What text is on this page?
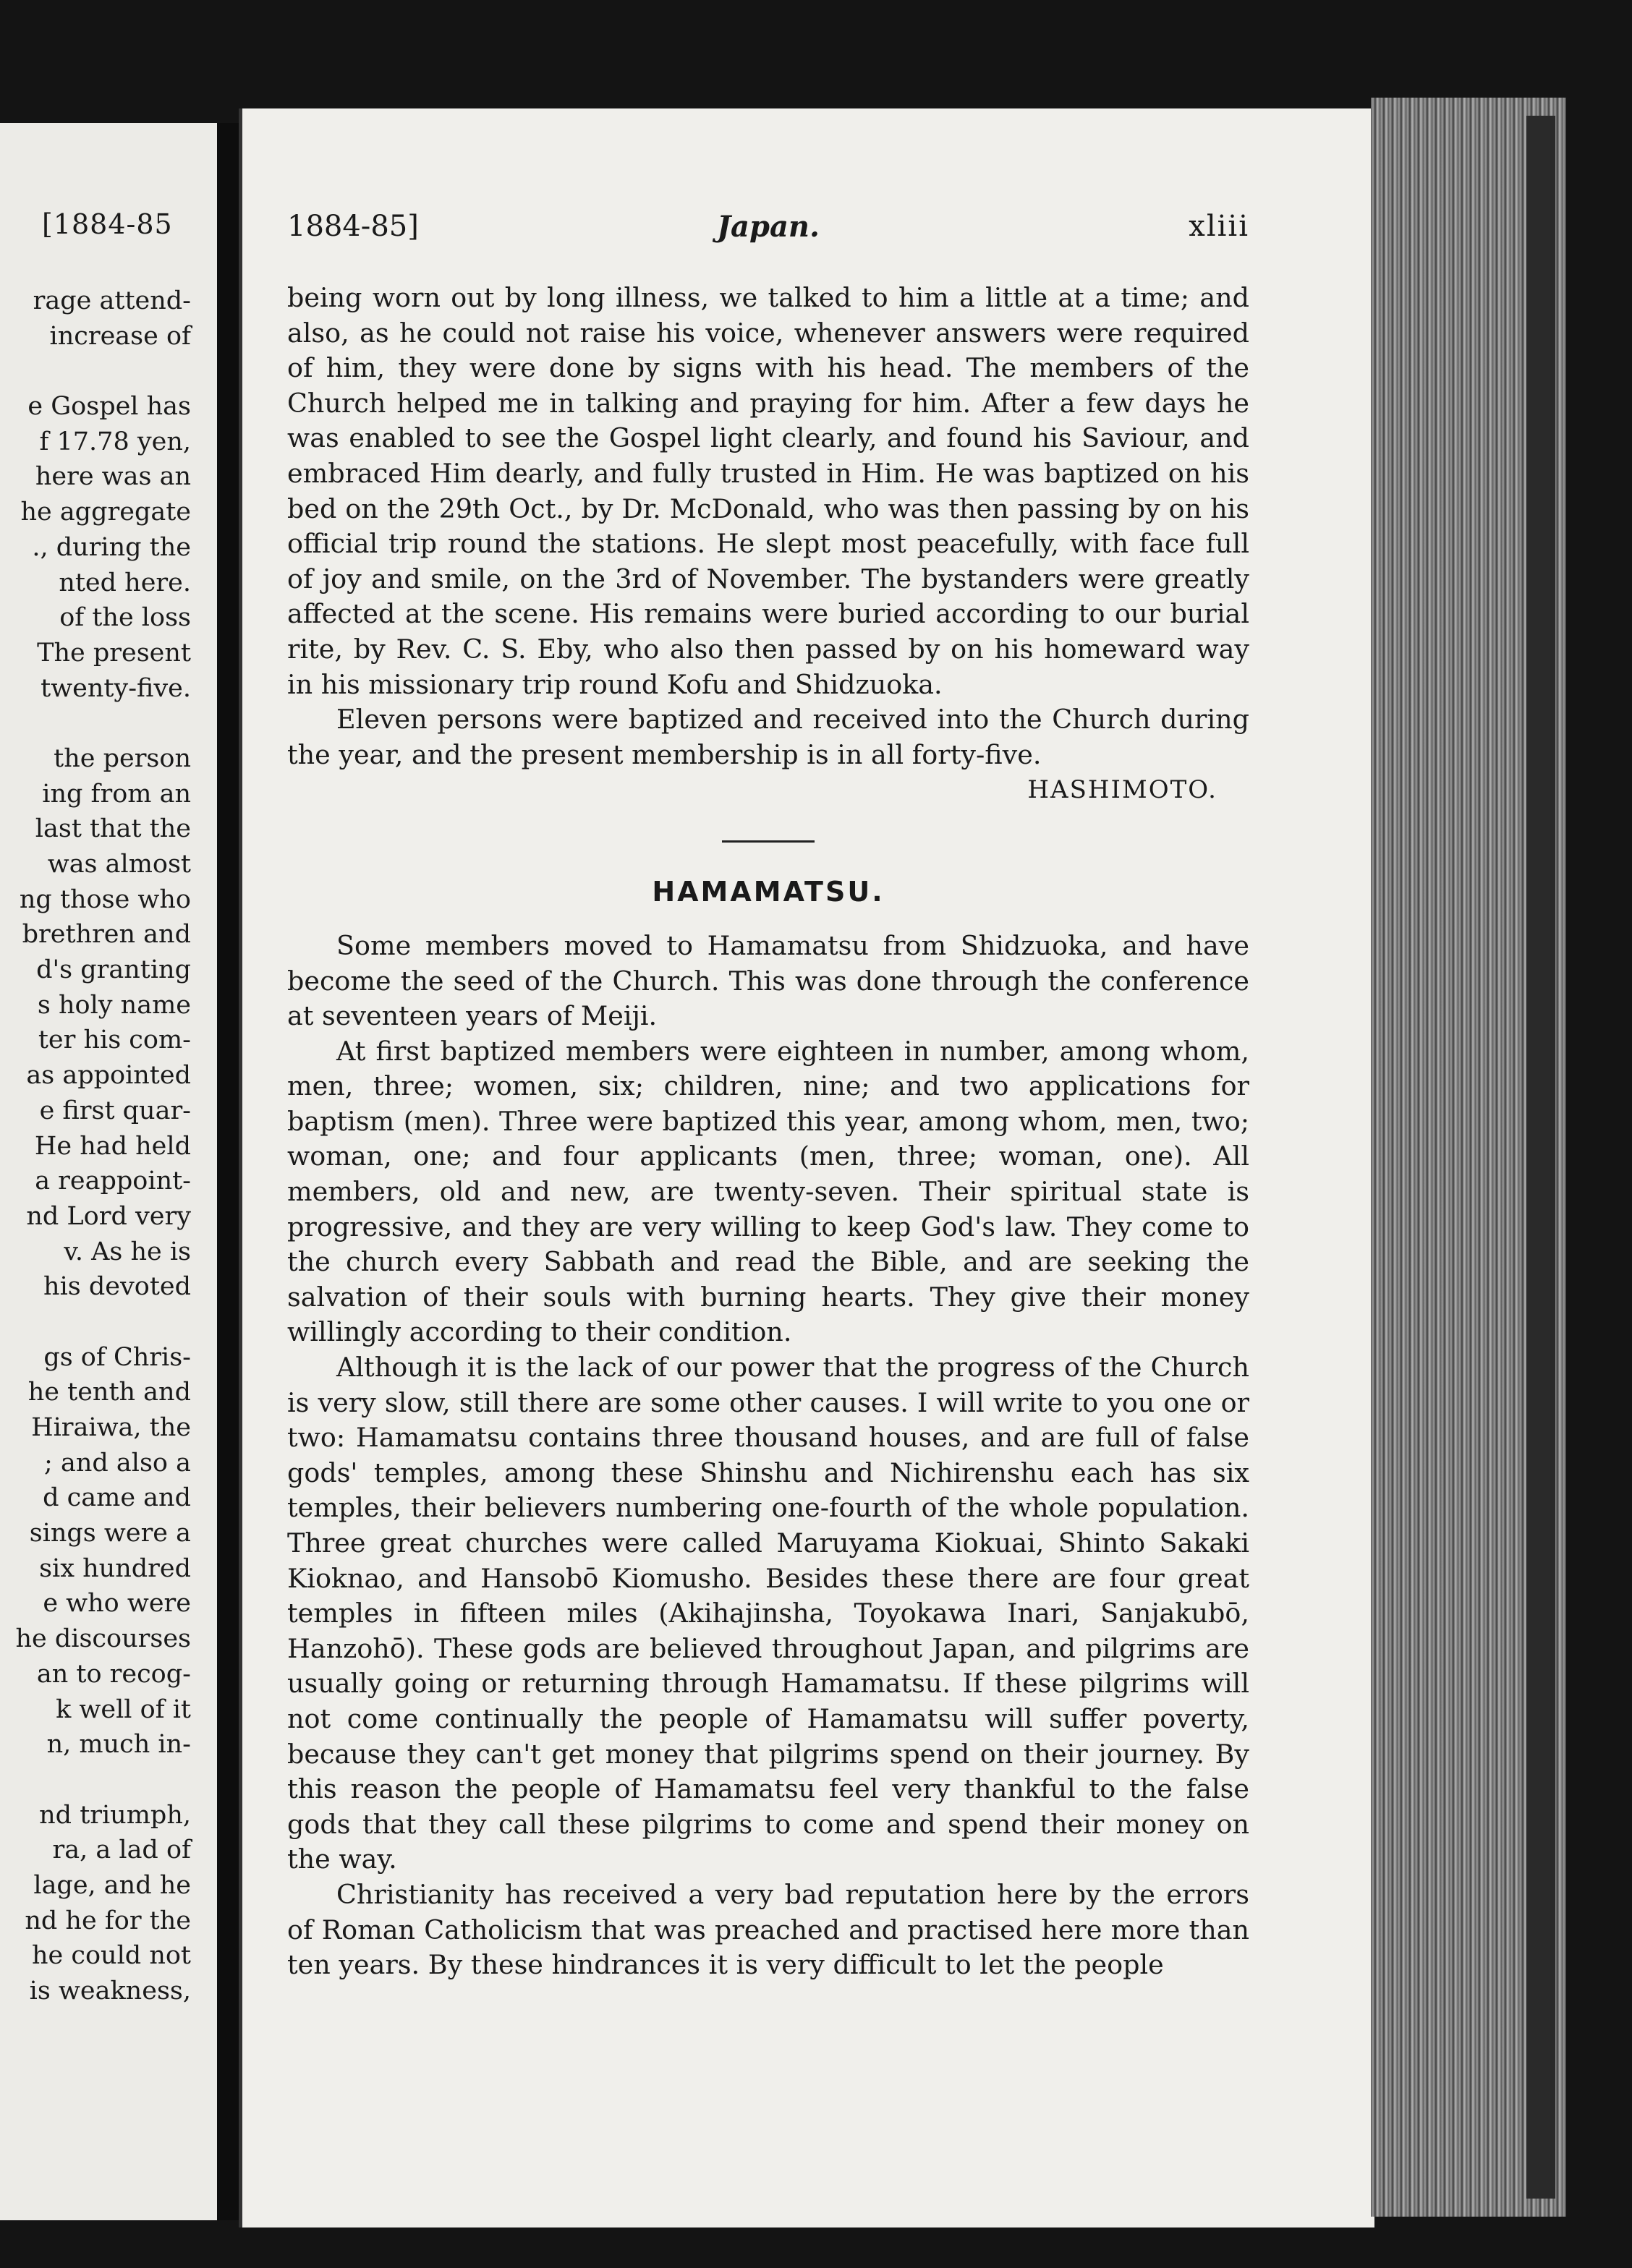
[1884-85
rage attend-
increase of
e Gospel has
f 17.78 yen,
here was an
he aggregate
., during the
nted here.
of the loss
The present
twenty-five.
the person
ing from an
last that the
was almost
ng those who
brethren and
d's granting
s holy name
ter his com-
as appointed
e first quar-
He had held
a reappoint-
nd Lord very
v. As he is
his devoted
gs of Chris-
he tenth and
Hiraiwa, the
; and also a
d came and
sings were a
six hundred
e who were
he discourses
an to recog-
k well of it
n, much in-
nd triumph,
ra, a lad of
lage, and he
nd he for the
he could not
is weakness,
1884-85]	Japan.	xliii

being worn out by long illness, we talked to him a little at a time; and also, as he could not raise his voice, whenever answers were required of him, they were done by signs with his head. The members of the Church helped me in talking and praying for him. After a few days he was enabled to see the Gospel light clearly, and found his Saviour, and embraced Him dearly, and fully trusted in Him. He was baptized on his bed on the 29th Oct., by Dr. McDonald, who was then passing by on his official trip round the stations. He slept most peacefully, with face full of joy and smile, on the 3rd of November. The bystanders were greatly affected at the scene. His remains were buried according to our burial rite, by Rev. C. S. Eby, who also then passed by on his homeward way in his missionary trip round Kofu and Shidzuoka.

Eleven persons were baptized and received into the Church during the year, and the present membership is in all forty-five.

HASHIMOTO.

HAMAMATSU.

Some members moved to Hamamatsu from Shidzuoka, and have become the seed of the Church. This was done through the conference at seventeen years of Meiji.

At first baptized members were eighteen in number, among whom, men, three; women, six; children, nine; and two applications for baptism (men). Three were baptized this year, among whom, men, two; woman, one; and four applicants (men, three; woman, one). All members, old and new, are twenty-seven. Their spiritual state is progressive, and they are very willing to keep God's law. They come to the church every Sabbath and read the Bible, and are seeking the salvation of their souls with burning hearts. They give their money willingly according to their condition.

Although it is the lack of our power that the progress of the Church is very slow, still there are some other causes. I will write to you one or two: Hamamatsu contains three thousand houses, and are full of false gods' temples, among these Shinshu and Nichirenshu each has six temples, their believers numbering one-fourth of the whole population. Three great churches were called Maruyama Kiokuai, Shinto Sakaki Kioknao, and Hansobō Kiomusho. Besides these there are four great temples in fifteen miles (Akihajinsha, Toyokawa Inari, Sanjakubō, Hanzohō). These gods are believed throughout Japan, and pilgrims are usually going or returning through Hamamatsu. If these pilgrims will not come continually the people of Hamamatsu will suffer poverty, because they can't get money that pilgrims spend on their journey. By this reason the people of Hamamatsu feel very thankful to the false gods that they call these pilgrims to come and spend their money on the way.

Christianity has received a very bad reputation here by the errors of Roman Catholicism that was preached and practised here more than ten years. By these hindrances it is very difficult to let the people
